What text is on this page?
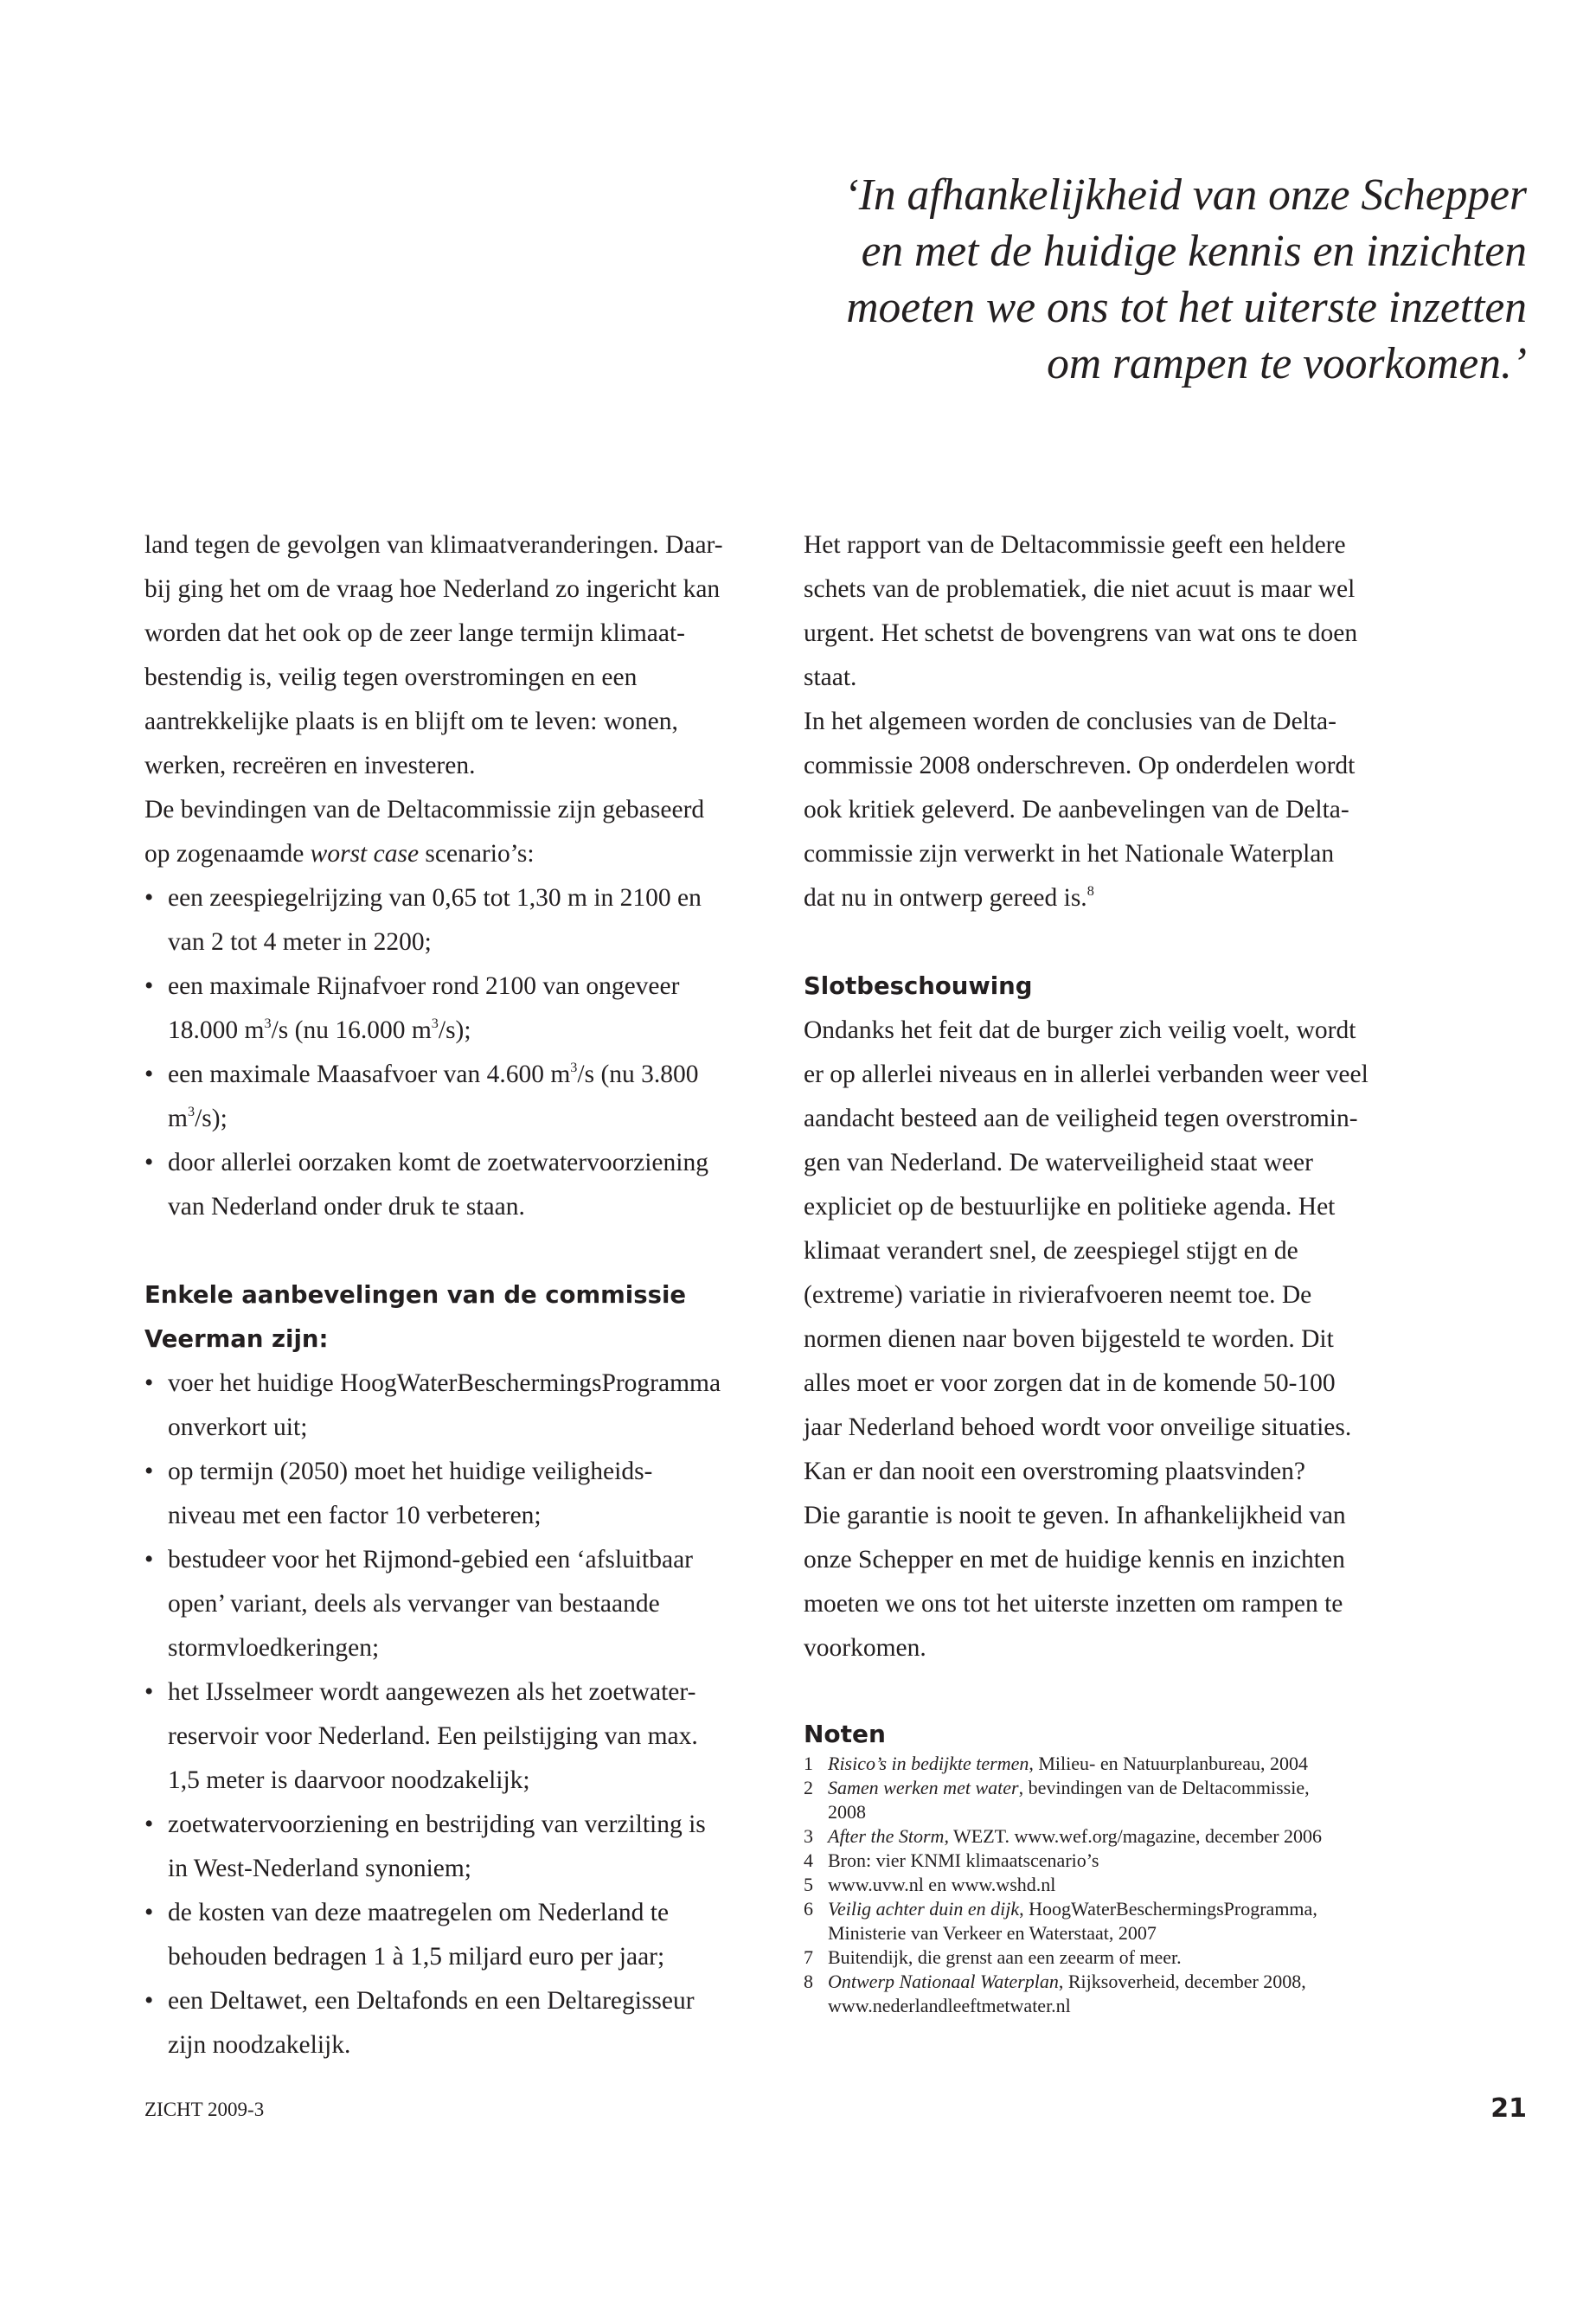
‘In afhankelijkheid van onze Schepper
en met de huidige kennis en inzichten
moeten we ons tot het uiterste inzetten
om rampen te voorkomen.’
land tegen de gevolgen van klimaatveranderingen. Daar-
bij ging het om de vraag hoe Nederland zo ingericht kan
worden dat het ook op de zeer lange termijn klimaat-
bestendig is, veilig tegen overstromingen en een
aantrekkelijke plaats is en blijft om te leven: wonen,
werken, recreëren en investeren.
De bevindingen van de Deltacommissie zijn gebaseerd
op zogenaamde worst case scenario’s:
• een zeespiegelrijzing van 0,65 tot 1,30 m in 2100 en
van 2 tot 4 meter in 2200;
• een maximale Rijnafvoer rond 2100 van ongeveer
18.000 $m^3/s$ (nu 16.000 $m^3/s$);
• een maximale Maasafvoer van 4.600 $m^3/s$ (nu 3.800
$m^3/s$);
• door allerlei oorzaken komt de zoetwatervoorziening
van Nederland onder druk te staan.
Enkele aanbevelingen van de commissie
Veerman zijn:
• voer het huidige HoogWaterBeschermingsProgramma
onverkort uit;
• op termijn (2050) moet het huidige veiligheids-
niveau met een factor 10 verbeteren;
• bestudeer voor het Rijmond-gebied een ‘afsluitbaar
open’ variant, deels als vervanger van bestaande
stormvloedkeringen;
• het IJsselmeer wordt aangewezen als het zoetwater-
reservoir voor Nederland. Een peilstijging van max.
1,5 meter is daarvoor noodzakelijk;
• zoetwatervoorziening en bestrijding van verzilting is
in West-Nederland synoniem;
• de kosten van deze maatregelen om Nederland te
behouden bedragen 1 à 1,5 miljard euro per jaar;
• een Deltawet, een Deltafonds en een Deltaregisseur
zijn noodzakelijk.
Het rapport van de Deltacommissie geeft een heldere
schets van de problematiek, die niet acuut is maar wel
urgent. Het schetst de bovengrens van wat ons te doen
staat.
In het algemeen worden de conclusies van de Delta-
commissie 2008 onderschreven. Op onderdelen wordt
ook kritiek geleverd. De aanbevelingen van de Delta-
commissie zijn verwerkt in het Nationale Waterplan
dat nu in ontwerp gereed is.$^8$
Slotbeschouwing
Ondanks het feit dat de burger zich veilig voelt, wordt
er op allerlei niveaus en in allerlei verbanden weer veel
aandacht besteed aan de veiligheid tegen overstromin-
gen van Nederland. De waterveiligheid staat weer
expliciet op de bestuurlijke en politieke agenda. Het
klimaat verandert snel, de zeespiegel stijgt en de
(extreme) variatie in rivierafvoeren neemt toe. De
normen dienen naar boven bijgesteld te worden. Dit
alles moet er voor zorgen dat in de komende 50-100
jaar Nederland behoed wordt voor onveilige situaties.
Kan er dan nooit een overstroming plaatsvinden?
Die garantie is nooit te geven. In afhankelijkheid van
onze Schepper en met de huidige kennis en inzichten
moeten we ons tot het uiterste inzetten om rampen te
voorkomen.
Noten
1 Risico’s in bedijkte termen, Milieu- en Natuurplanbureau, 2004
2 Samen werken met water, bevindingen van de Deltacommissie,
2008
3 After the Storm, WEZT. www.wef.org/magazine, december 2006
4 Bron: vier KNMI klimaatscenario’s
5 www.uvw.nl en www.wshd.nl
6 Veilig achter duin en dijk, HoogWaterBeschermingsProgramma,
Ministerie van Verkeer en Waterstaat, 2007
7 Buitendijk, die grenst aan een zeearm of meer.
8 Ontwerp Nationaal Waterplan, Rijksoverheid, december 2008,
www.nederlandleeftmetwater.nl
ZICHT 2009-3	21
